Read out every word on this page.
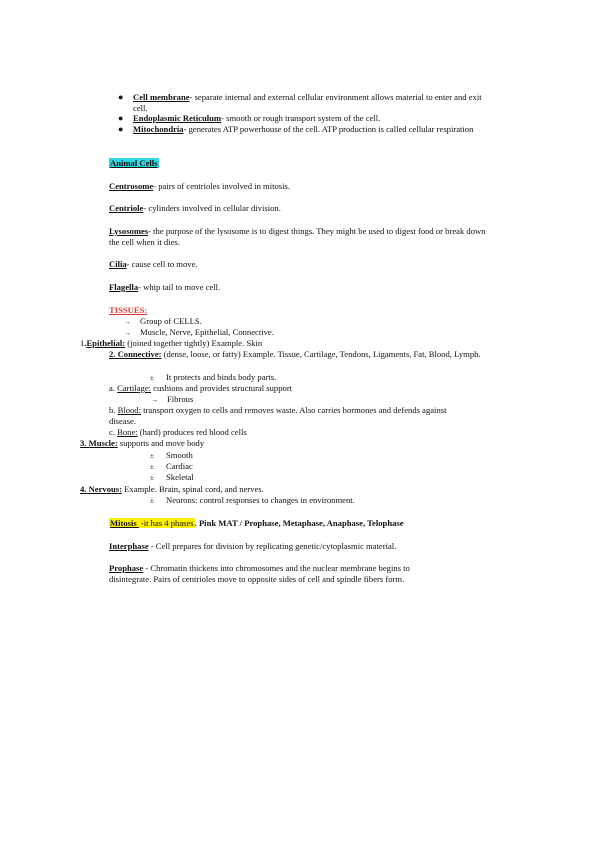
● Cell membrane- separate internal and external cellular environment allows material to enter and exit cell.
● Endoplasmic Reticulum- smooth or rough transport system of the cell.
● Mitochondria- generates ATP powerhouse of the cell. ATP production is called cellular respiration
Animal Cells
Centrosome- pairs of centrioles involved in mitosis.
Centriole- cylinders involved in cellular division.
Lysosomes- the purpose of the lysosome is to digest things. They might be used to digest food or break down the cell when it dies.
Cilia- cause cell to move.
Flagella- whip tail to move cell.
TISSUES:
→ Group of CELLS.
→ Muscle, Nerve, Epithelial, Connective.
1.Epithelial: (joined together tightly) Example. Skin
2. Connective: (dense, loose, or fatty) Example. Tissue, Cartilage, Tendons, Ligaments, Fat, Blood, Lymph.
± It protects and binds body parts.
a. Cartilage: cushions and provides structural support
→ Fibrous
b. Blood: transport oxygen to cells and removes waste. Also carries hormones and defends against disease.
c. Bone: (hard) produces red blood cells
3. Muscle: supports and move body
± Smooth
± Cardiac
± Skeletal
4. Nervous: Example. Brain, spinal cord, and nerves.
± Neurons: control responses to changes in environment.
Mitosis -it has 4 phases. Pink MAT / Prophase, Metaphase, Anaphase, Telophase
Interphase - Cell prepares for division by replicating genetic/cytoplasmic material.
Prophase - Chromatin thickens into chromosomes and the nuclear membrane begins to disintegrate. Pairs of centrioles move to opposite sides of cell and spindle fibers form.
